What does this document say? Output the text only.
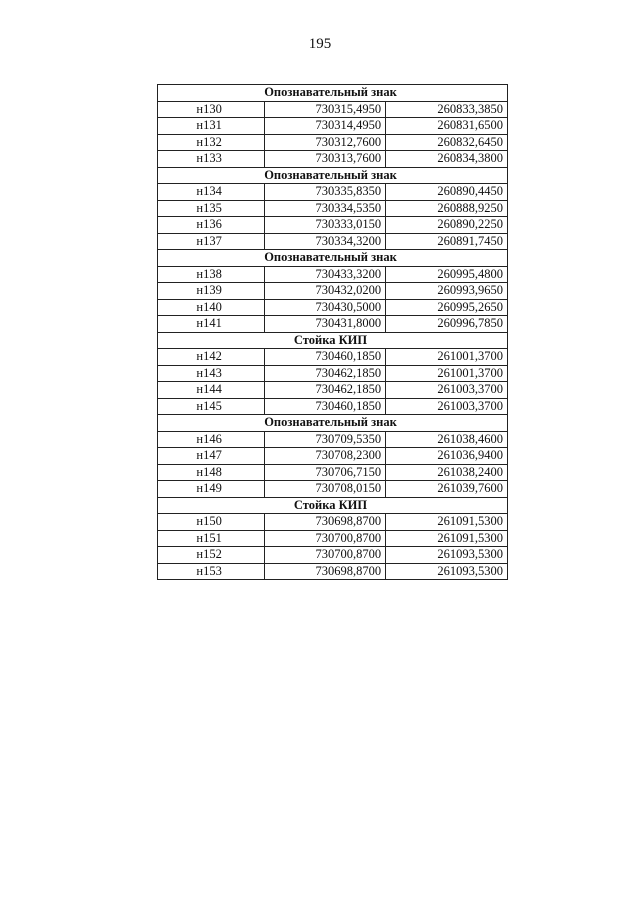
195
Опознавательный знак		
н130	730315,4950	260833,3850
н131	730314,4950	260831,6500
н132	730312,7600	260832,6450
н133	730313,7600	260834,3800
Опознавательный знак		
н134	730335,8350	260890,4450
н135	730334,5350	260888,9250
н136	730333,0150	260890,2250
н137	730334,3200	260891,7450
Опознавательный знак		
н138	730433,3200	260995,4800
н139	730432,0200	260993,9650
н140	730430,5000	260995,2650
н141	730431,8000	260996,7850
Стойка КИП		
н142	730460,1850	261001,3700
н143	730462,1850	261001,3700
н144	730462,1850	261003,3700
н145	730460,1850	261003,3700
Опознавательный знак		
н146	730709,5350	261038,4600
н147	730708,2300	261036,9400
н148	730706,7150	261038,2400
н149	730708,0150	261039,7600
Стойка КИП		
н150	730698,8700	261091,5300
н151	730700,8700	261091,5300
н152	730700,8700	261093,5300
н153	730698,8700	261093,5300
